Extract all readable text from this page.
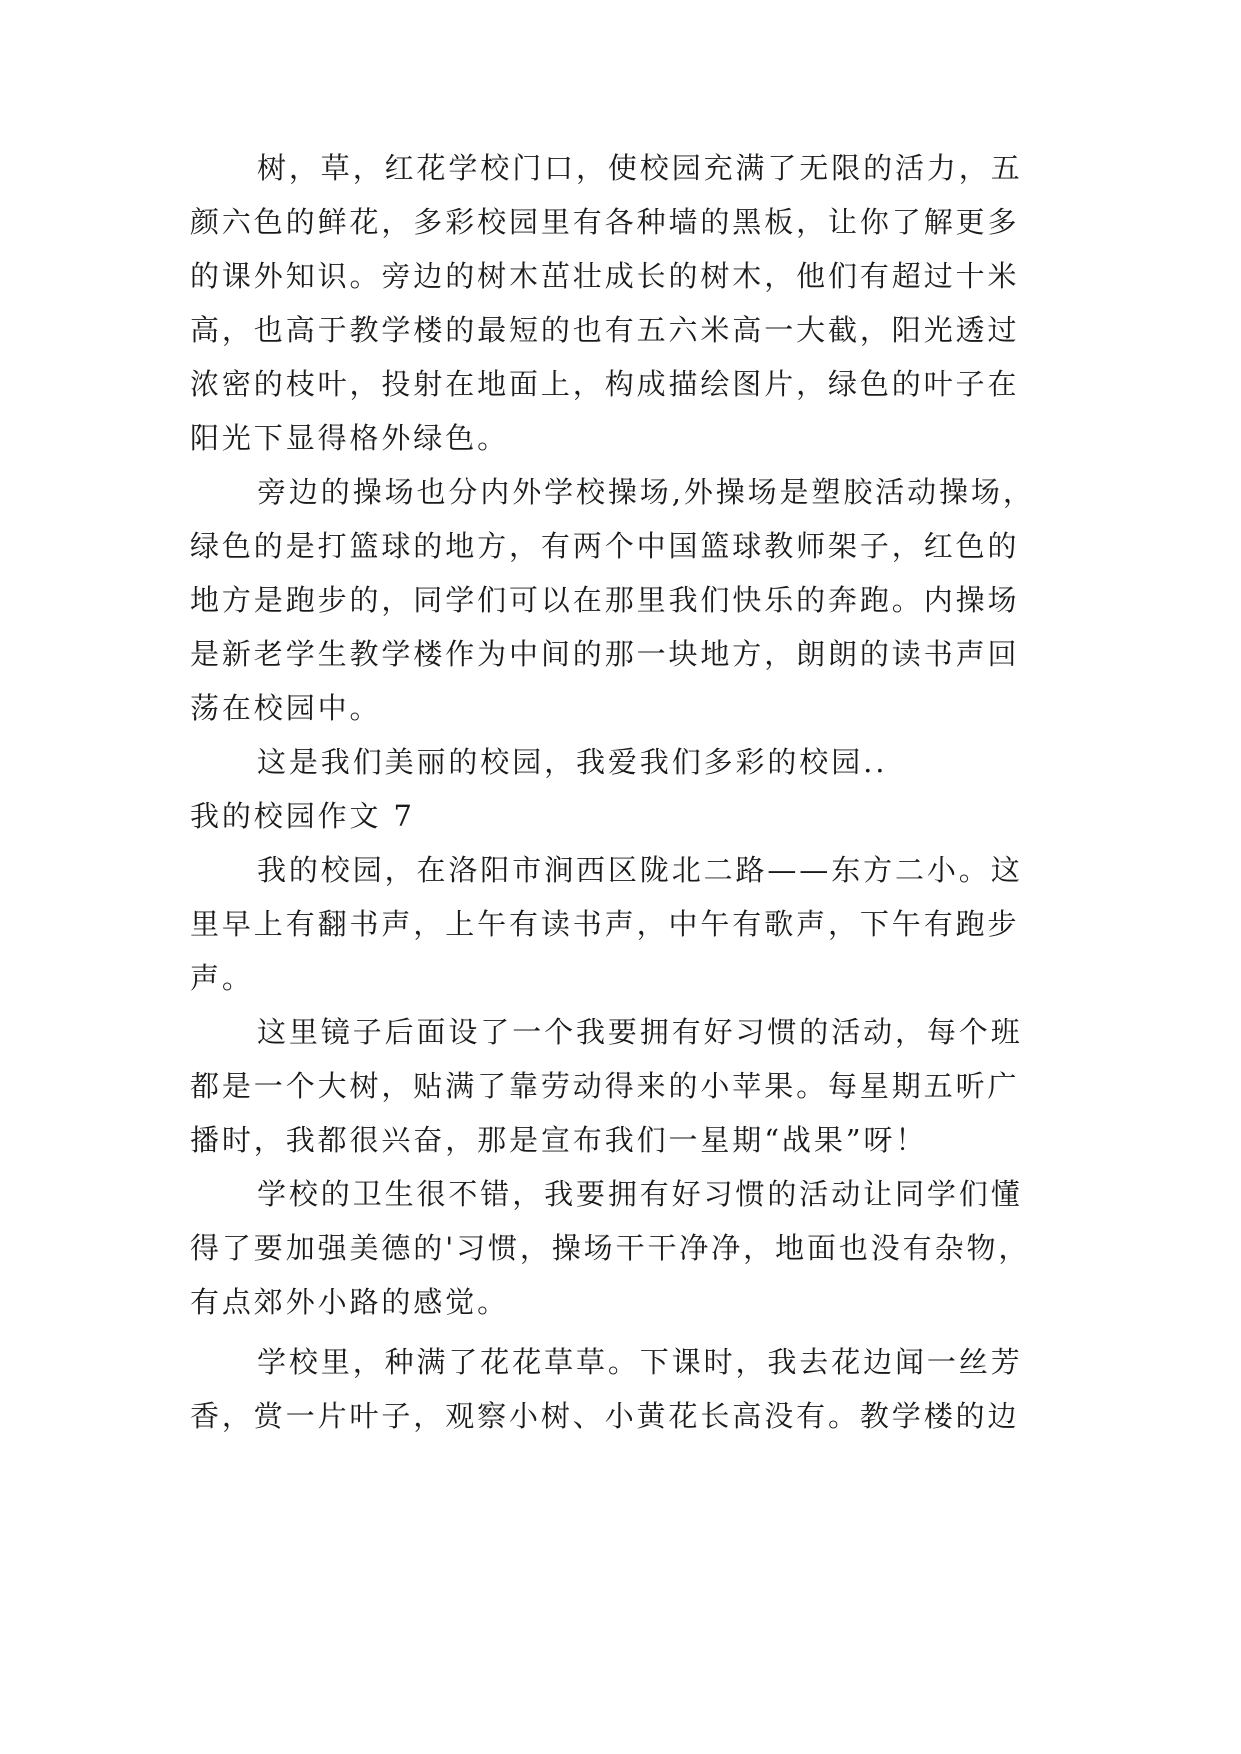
树，草，红花学校门口，使校园充满了无限的活力，五
颜六色的鲜花，多彩校园里有各种墙的黑板，让你了解更多
的课外知识。旁边的树木茁壮成长的树木，他们有超过十米
高，也高于教学楼的最短的也有五六米高一大截，阳光透过
浓密的枝叶，投射在地面上，构成描绘图片，绿色的叶子在
阳光下显得格外绿色。
旁边的操场也分内外学校操场,外操场是塑胶活动操场，
绿色的是打篮球的地方，有两个中国篮球教师架子，红色的
地方是跑步的，同学们可以在那里我们快乐的奔跑。内操场
是新老学生教学楼作为中间的那一块地方，朗朗的读书声回
荡在校园中。
这是我们美丽的校园，我爱我们多彩的校园..
我的校园作文 7
我的校园，在洛阳市涧西区陇北二路——东方二小。这
里早上有翻书声，上午有读书声，中午有歌声，下午有跑步
声。
这里镜子后面设了一个我要拥有好习惯的活动，每个班
都是一个大树，贴满了靠劳动得来的小苹果。每星期五听广
播时，我都很兴奋，那是宣布我们一星期“战果”呀！
学校的卫生很不错，我要拥有好习惯的活动让同学们懂
得了要加强美德的'习惯，操场干干净净，地面也没有杂物，
有点郊外小路的感觉。
学校里，种满了花花草草。下课时，我去花边闻一丝芳
香，赏一片叶子，观察小树、小黄花长高没有。教学楼的边
